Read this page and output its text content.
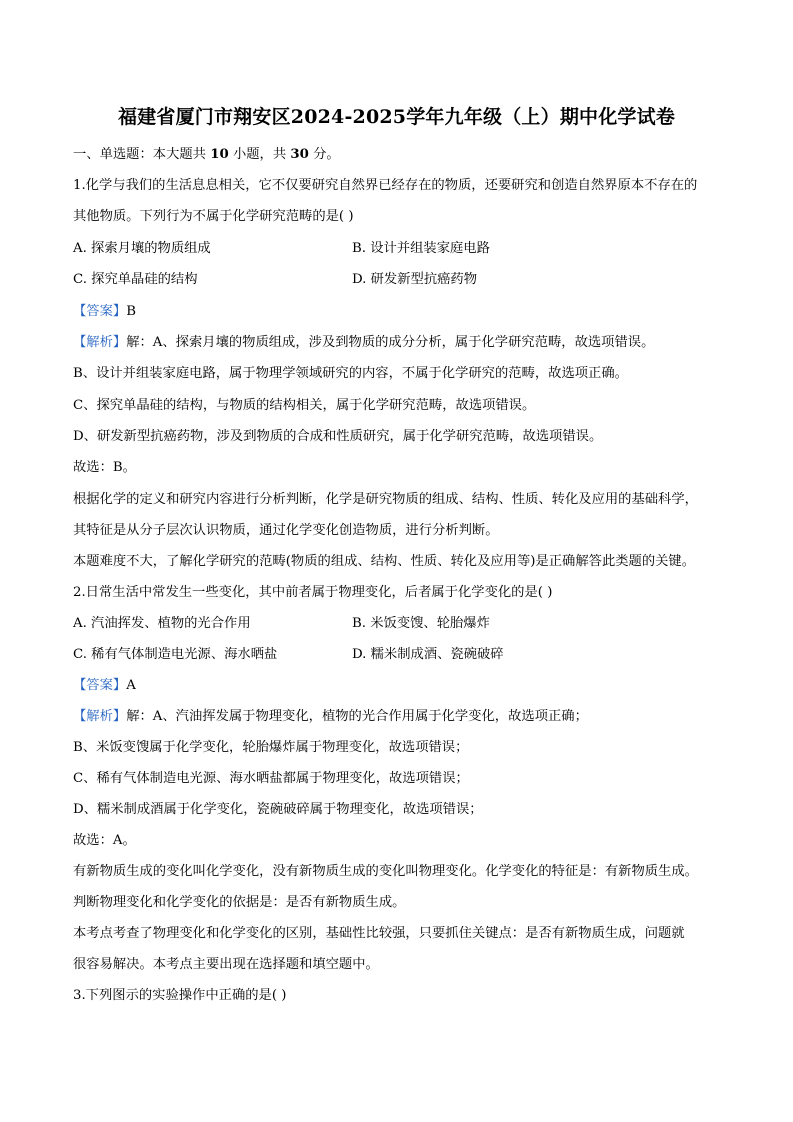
福建省厦门市翔安区2024-2025学年九年级（上）期中化学试卷
一、单选题：本大题共 10 小题，共 30 分。
1.化学与我们的生活息息相关，它不仅要研究自然界已经存在的物质，还要研究和创造自然界原本不存在的
其他物质。下列行为不属于化学研究范畴的是( )
A. 探索月壤的物质组成	B. 设计并组装家庭电路
C. 探究单晶硅的结构	D. 研发新型抗癌药物
【答案】B
【解析】解：A、探索月壤的物质组成，涉及到物质的成分分析，属于化学研究范畴，故选项错误。
B、设计并组装家庭电路，属于物理学领域研究的内容，不属于化学研究的范畴，故选项正确。
C、探究单晶硅的结构，与物质的结构相关，属于化学研究范畴，故选项错误。
D、研发新型抗癌药物，涉及到物质的合成和性质研究，属于化学研究范畴，故选项错误。
故选：B。
根据化学的定义和研究内容进行分析判断，化学是研究物质的组成、结构、性质、转化及应用的基础科学，
其特征是从分子层次认识物质，通过化学变化创造物质，进行分析判断。
本题难度不大，了解化学研究的范畴(物质的组成、结构、性质、转化及应用等)是正确解答此类题的关键。
2.日常生活中常发生一些变化，其中前者属于物理变化，后者属于化学变化的是( )
A. 汽油挥发、植物的光合作用	B. 米饭变馊、轮胎爆炸
C. 稀有气体制造电光源、海水晒盐	D. 糯米制成酒、瓷碗破碎
【答案】A
【解析】解：A、汽油挥发属于物理变化，植物的光合作用属于化学变化，故选项正确；
B、米饭变馊属于化学变化，轮胎爆炸属于物理变化，故选项错误；
C、稀有气体制造电光源、海水晒盐都属于物理变化，故选项错误；
D、糯米制成酒属于化学变化，瓷碗破碎属于物理变化，故选项错误；
故选：A。
有新物质生成的变化叫化学变化，没有新物质生成的变化叫物理变化。化学变化的特征是：有新物质生成。
判断物理变化和化学变化的依据是：是否有新物质生成。
本考点考查了物理变化和化学变化的区别，基础性比较强，只要抓住关键点：是否有新物质生成，问题就
很容易解决。本考点主要出现在选择题和填空题中。
3.下列图示的实验操作中正确的是( )
